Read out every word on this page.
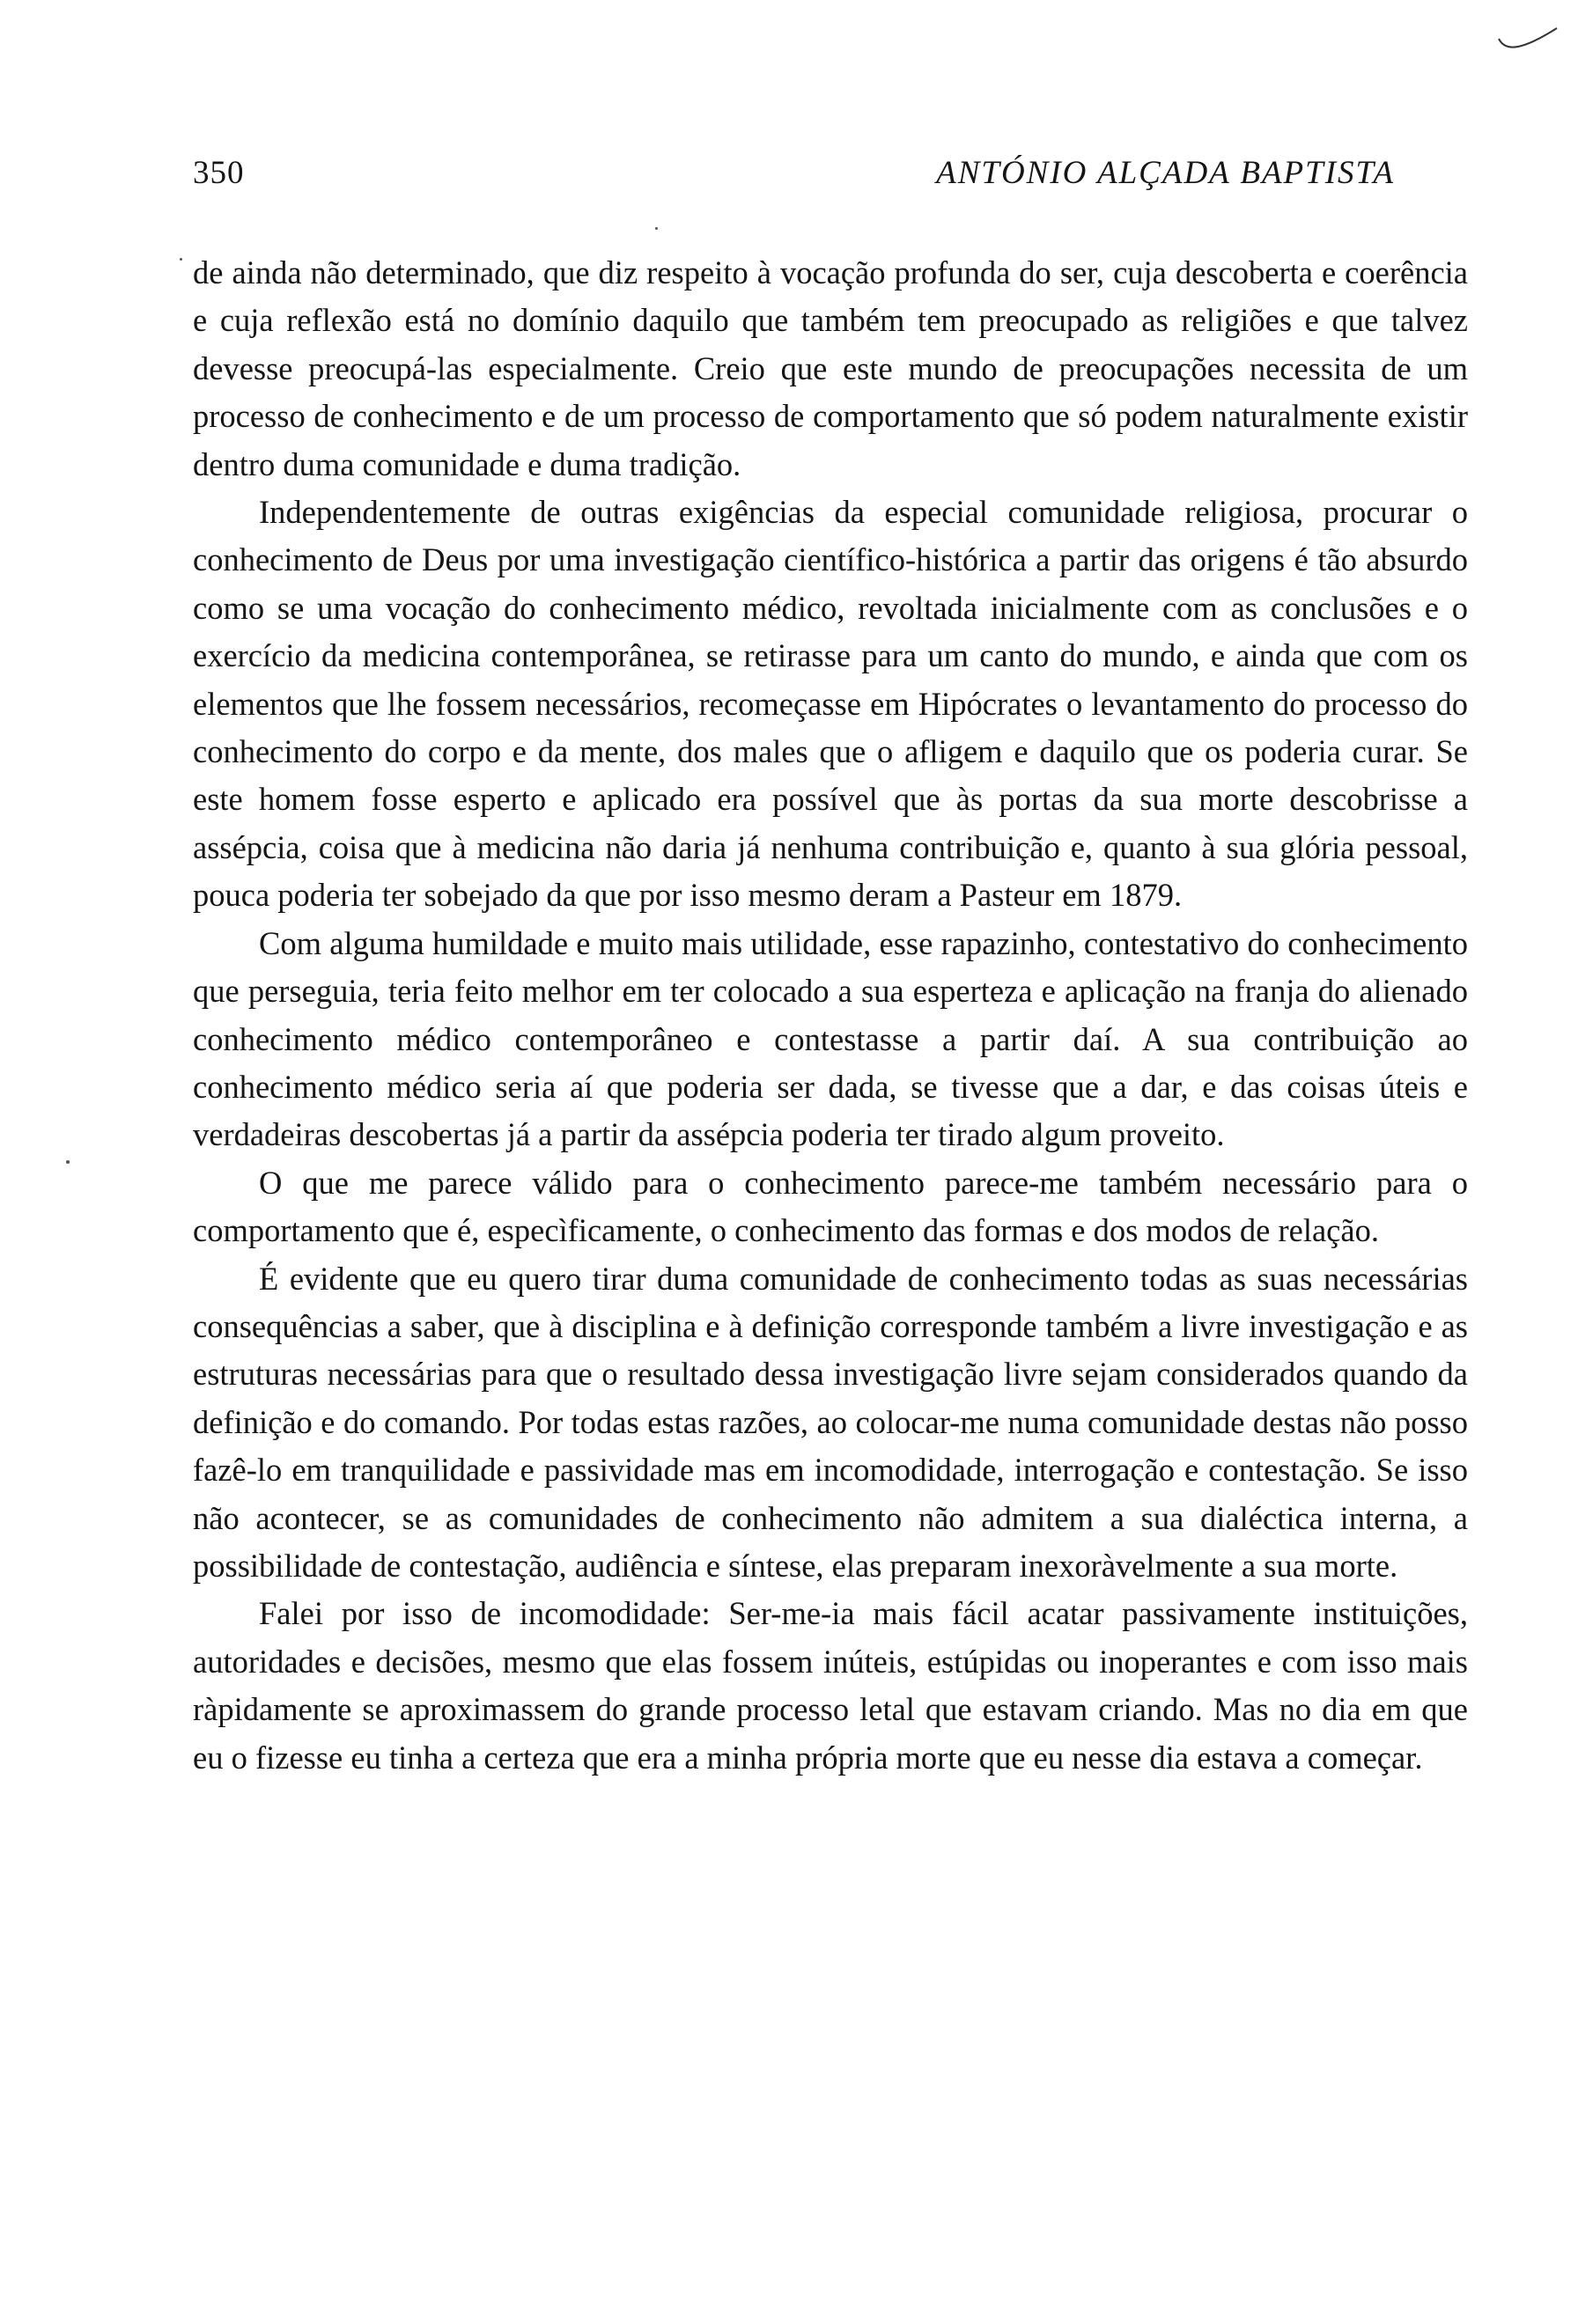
350	ANTÓNIO ALÇADA BAPTISTA

de ainda não determinado, que diz respeito à vocação profunda do ser, cuja descoberta e coerência e cuja reflexão está no domínio daquilo que também tem preocupado as religiões e que talvez devesse preocupá-las especialmente. Creio que este mundo de preocupações necessita de um processo de conhecimento e de um processo de comportamento que só podem naturalmente existir dentro duma comunidade e duma tradição.

Independentemente de outras exigências da especial comunidade religiosa, procurar o conhecimento de Deus por uma investigação científico-histórica a partir das origens é tão absurdo como se uma vocação do conhecimento médico, revoltada inicialmente com as conclusões e o exercício da medicina contemporânea, se retirasse para um canto do mundo, e ainda que com os elementos que lhe fossem necessários, recomeçasse em Hipócrates o levantamento do processo do conhecimento do corpo e da mente, dos males que o afligem e daquilo que os poderia curar. Se este homem fosse esperto e aplicado era possível que às portas da sua morte descobrisse a assépcia, coisa que à medicina não daria já nenhuma contribuição e, quanto à sua glória pessoal, pouca poderia ter sobejado da que por isso mesmo deram a Pasteur em 1879.

Com alguma humildade e muito mais utilidade, esse rapazinho, contestativo do conhecimento que perseguia, teria feito melhor em ter colocado a sua esperteza e aplicação na franja do alienado conhecimento médico contemporâneo e contestasse a partir daí. A sua contribuição ao conhecimento médico seria aí que poderia ser dada, se tivesse que a dar, e das coisas úteis e verdadeiras descobertas já a partir da assépcia poderia ter tirado algum proveito.

O que me parece válido para o conhecimento parece-me também necessário para o comportamento que é, especìficamente, o conhecimento das formas e dos modos de relação.

É evidente que eu quero tirar duma comunidade de conhecimento todas as suas necessárias consequências a saber, que à disciplina e à definição corresponde também a livre investigação e as estruturas necessárias para que o resultado dessa investigação livre sejam considerados quando da definição e do comando. Por todas estas razões, ao colocar-me numa comunidade destas não posso fazê-lo em tranquilidade e passividade mas em incomodidade, interrogação e contestação. Se isso não acontecer, se as comunidades de conhecimento não admitem a sua dialéctica interna, a possibilidade de contestação, audiência e síntese, elas preparam inexoràvelmente a sua morte.

Falei por isso de incomodidade: Ser-me-ia mais fácil acatar passivamente instituições, autoridades e decisões, mesmo que elas fossem inúteis, estúpidas ou inoperantes e com isso mais ràpidamente se aproximassem do grande processo letal que estavam criando. Mas no dia em que eu o fizesse eu tinha a certeza que era a minha própria morte que eu nesse dia estava a começar.
